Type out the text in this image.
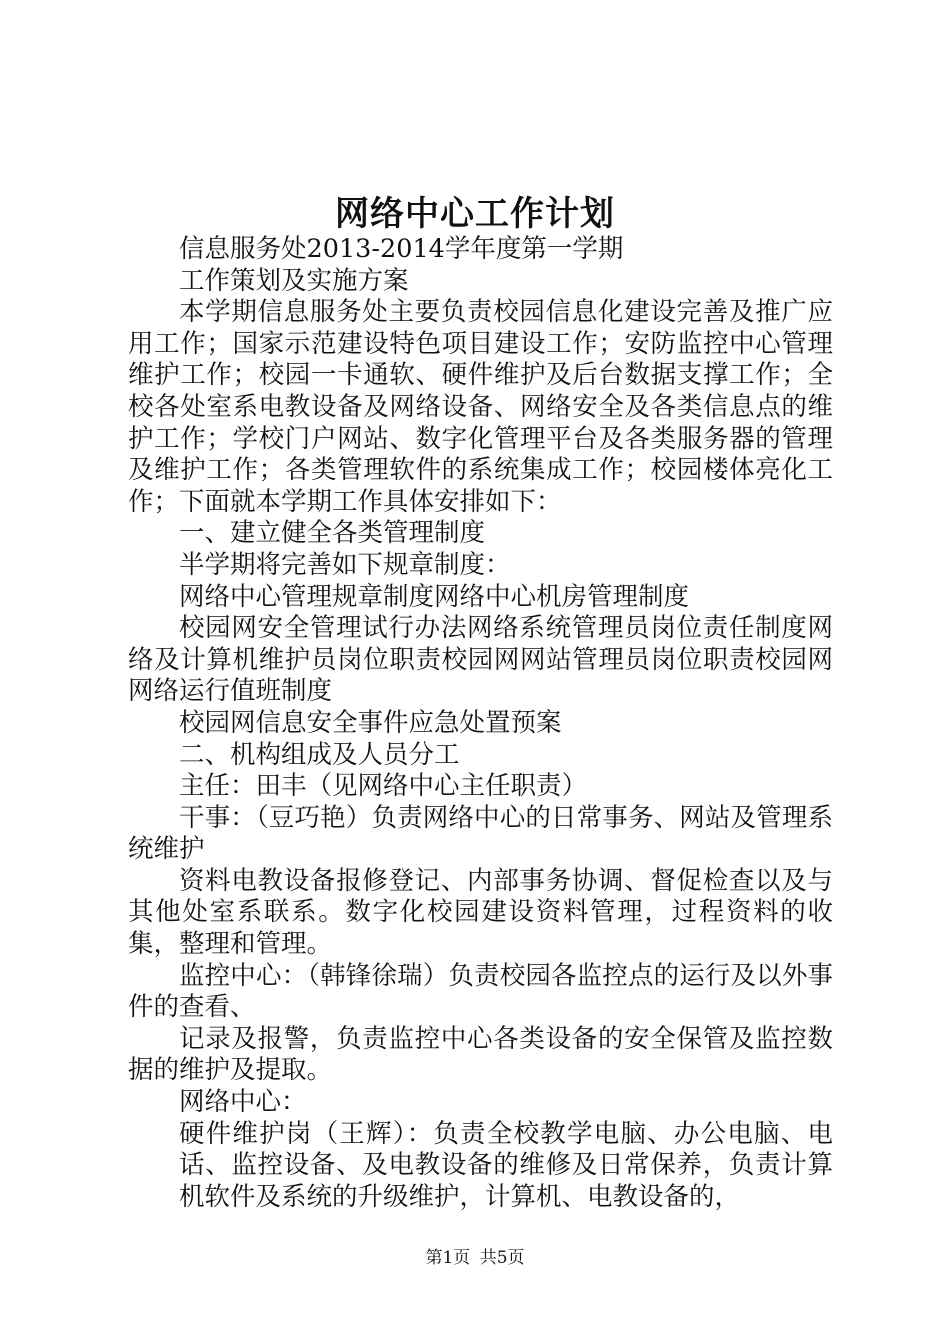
网络中心工作计划

信息服务处2013-2014学年度第一学期

工作策划及实施方案

本学期信息服务处主要负责校园信息化建设完善及推广应用工作；国家示范建设特色项目建设工作；安防监控中心管理维护工作；校园一卡通软、硬件维护及后台数据支撑工作；全校各处室系电教设备及网络设备、网络安全及各类信息点的维护工作；学校门户网站、数字化管理平台及各类服务器的管理及维护工作；各类管理软件的系统集成工作；校园楼体亮化工作；下面就本学期工作具体安排如下：

一、建立健全各类管理制度

半学期将完善如下规章制度：

网络中心管理规章制度网络中心机房管理制度

校园网安全管理试行办法网络系统管理员岗位责任制度网络及计算机维护员岗位职责校园网网站管理员岗位职责校园网网络运行值班制度

校园网信息安全事件应急处置预案

二、机构组成及人员分工

主任：田丰（见网络中心主任职责）

干事：（豆巧艳）负责网络中心的日常事务、网站及管理系统维护

资料电教设备报修登记、内部事务协调、督促检查以及与其他处室系联系。数字化校园建设资料管理，过程资料的收集，整理和管理。

监控中心：（韩锋徐瑞）负责校园各监控点的运行及以外事件的查看、

记录及报警，负责监控中心各类设备的安全保管及监控数据的维护及提取。

网络中心：

硬件维护岗（王辉）：负责全校教学电脑、办公电脑、电话、监控设备、及电教设备的维修及日常保养，负责计算机软件及系统的升级维护，计算机、电教设备的，

第1页 共5页
